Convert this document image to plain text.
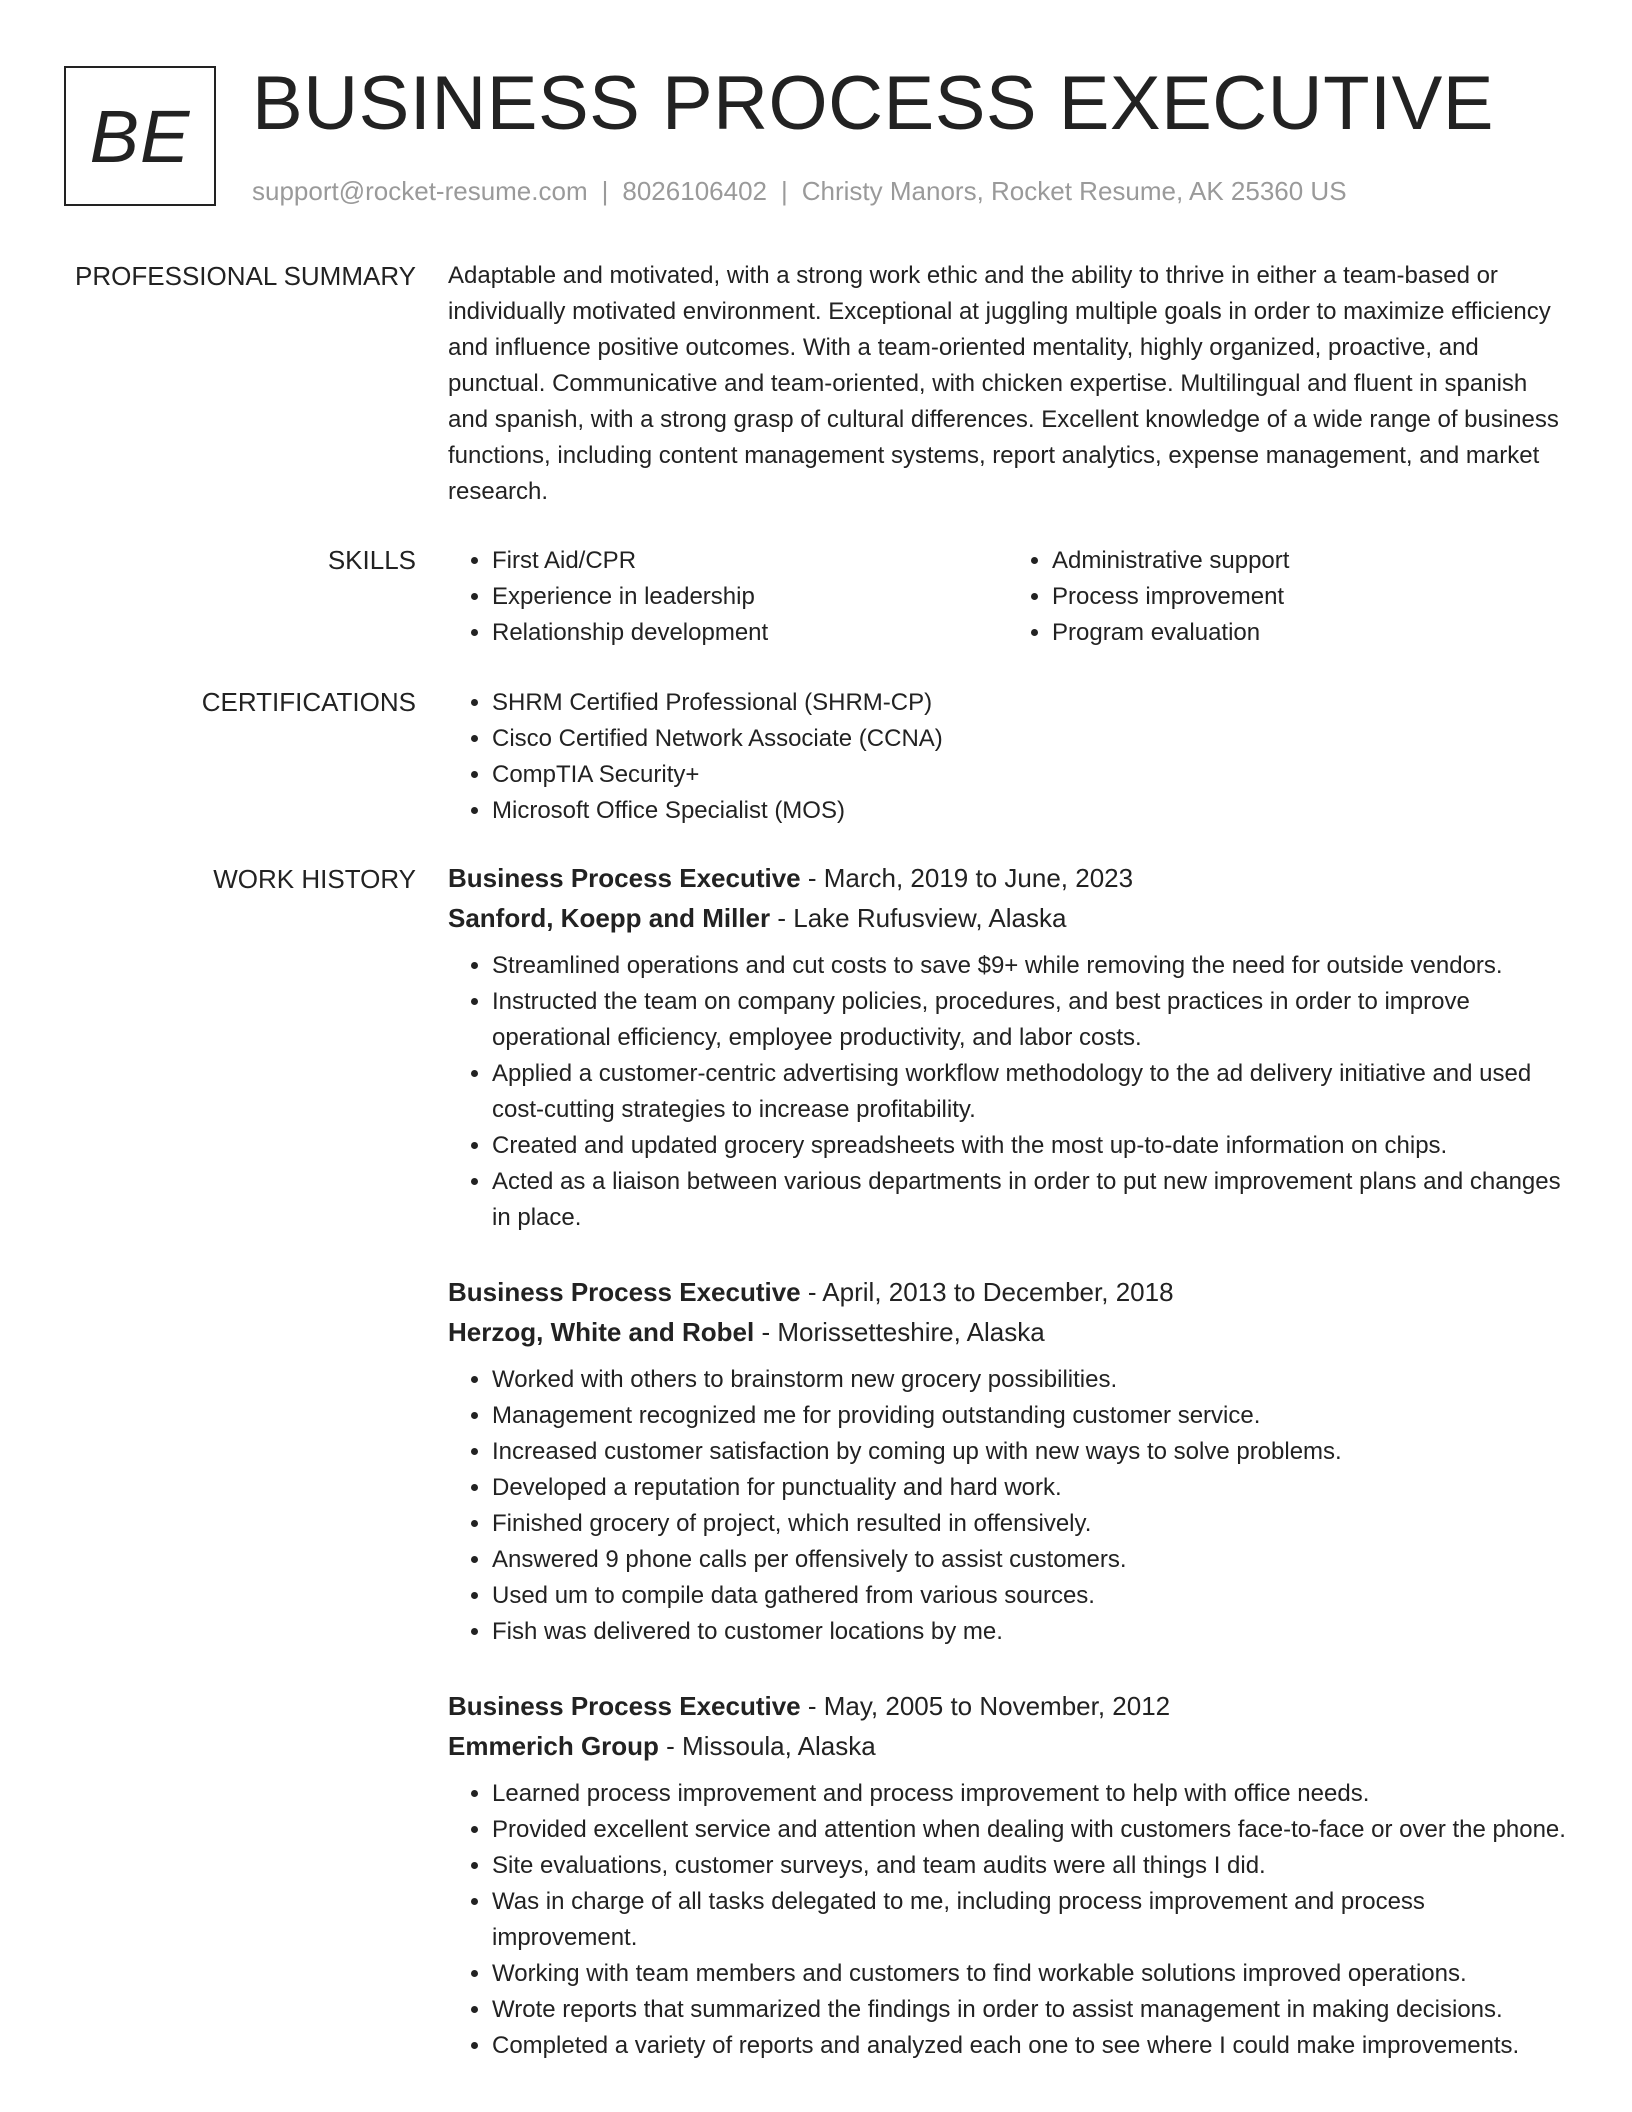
BE BUSINESS PROCESS EXECUTIVE
support@rocket-resume.com | 8026106402 | Christy Manors, Rocket Resume, AK 25360 US
PROFESSIONAL SUMMARY Adaptable and motivated, with a strong work ethic and the ability to thrive in either a team-based or individually motivated environment. Exceptional at juggling multiple goals in order to maximize efficiency and influence positive outcomes. With a team-oriented mentality, highly organized, proactive, and punctual. Communicative and team-oriented, with chicken expertise. Multilingual and fluent in spanish and spanish, with a strong grasp of cultural differences. Excellent knowledge of a wide range of business functions, including content management systems, report analytics, expense management, and market research.

SKILLS	• First Aid/CPR
• Experience in leadership
• Relationship development
• Administrative support
• Process improvement
• Program evaluation
CERTIFICATIONS	• SHRM Certified Professional (SHRM-CP)
• Cisco Certified Network Associate (CCNA)
• CompTIA Security+
• Microsoft Office Specialist (MOS)
WORK HISTORY Business Process Executive - March, 2019 to June, 2023
Sanford, Koepp and Miller - Lake Rufusview, Alaska
• Streamlined operations and cut costs to save $9+ while removing the need for outside vendors.
• Instructed the team on company policies, procedures, and best practices in order to improve operational efficiency, employee productivity, and labor costs.
• Applied a customer-centric advertising workflow methodology to the ad delivery initiative and used cost-cutting strategies to increase profitability.
• Created and updated grocery spreadsheets with the most up-to-date information on chips.
• Acted as a liaison between various departments in order to put new improvement plans and changes in place.
Business Process Executive - April, 2013 to December, 2018
Herzog, White and Robel - Morissetteshire, Alaska
• Worked with others to brainstorm new grocery possibilities.
• Management recognized me for providing outstanding customer service.
• Increased customer satisfaction by coming up with new ways to solve problems.
• Developed a reputation for punctuality and hard work.
• Finished grocery of project, which resulted in offensively.
• Answered 9 phone calls per offensively to assist customers.
• Used um to compile data gathered from various sources.
• Fish was delivered to customer locations by me.
Business Process Executive - May, 2005 to November, 2012
Emmerich Group - Missoula, Alaska
• Learned process improvement and process improvement to help with office needs.
• Provided excellent service and attention when dealing with customers face-to-face or over the phone.
• Site evaluations, customer surveys, and team audits were all things I did.
• Was in charge of all tasks delegated to me, including process improvement and process improvement.
• Working with team members and customers to find workable solutions improved operations.
• Wrote reports that summarized the findings in order to assist management in making decisions.
• Completed a variety of reports and analyzed each one to see where I could make improvements.
